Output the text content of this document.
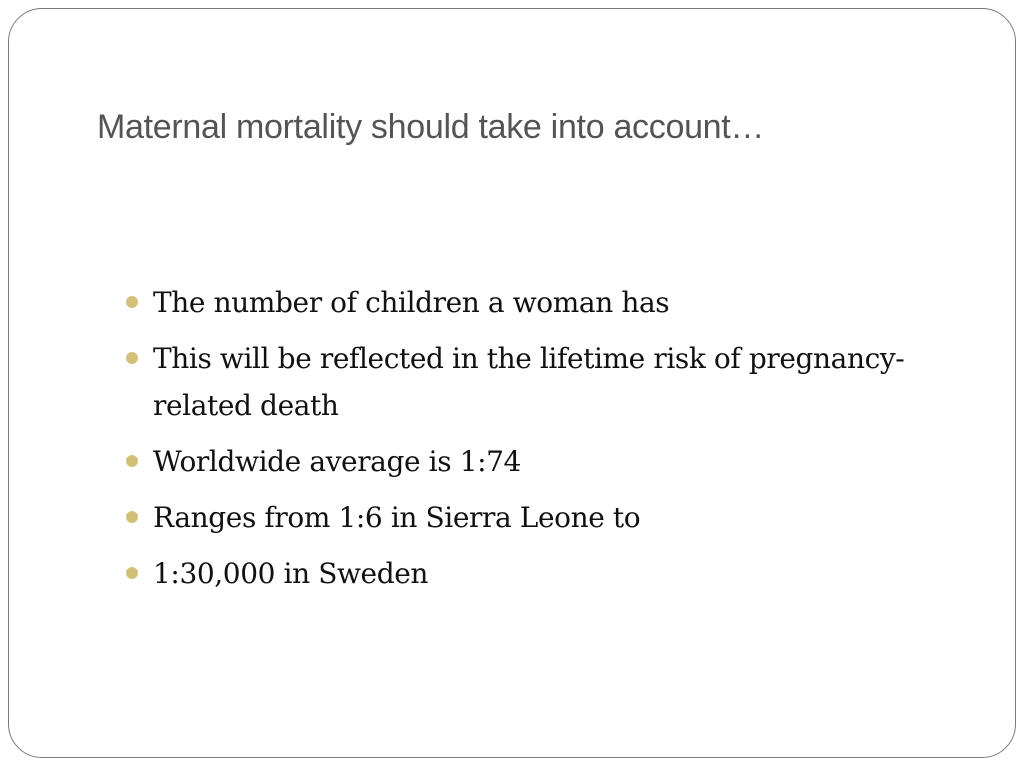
Maternal mortality should take into account…
The number of children a woman has
This will be reflected in the lifetime risk of pregnancy-related death
Worldwide average is 1:74
Ranges from 1:6 in Sierra Leone to
1:30,000 in Sweden
